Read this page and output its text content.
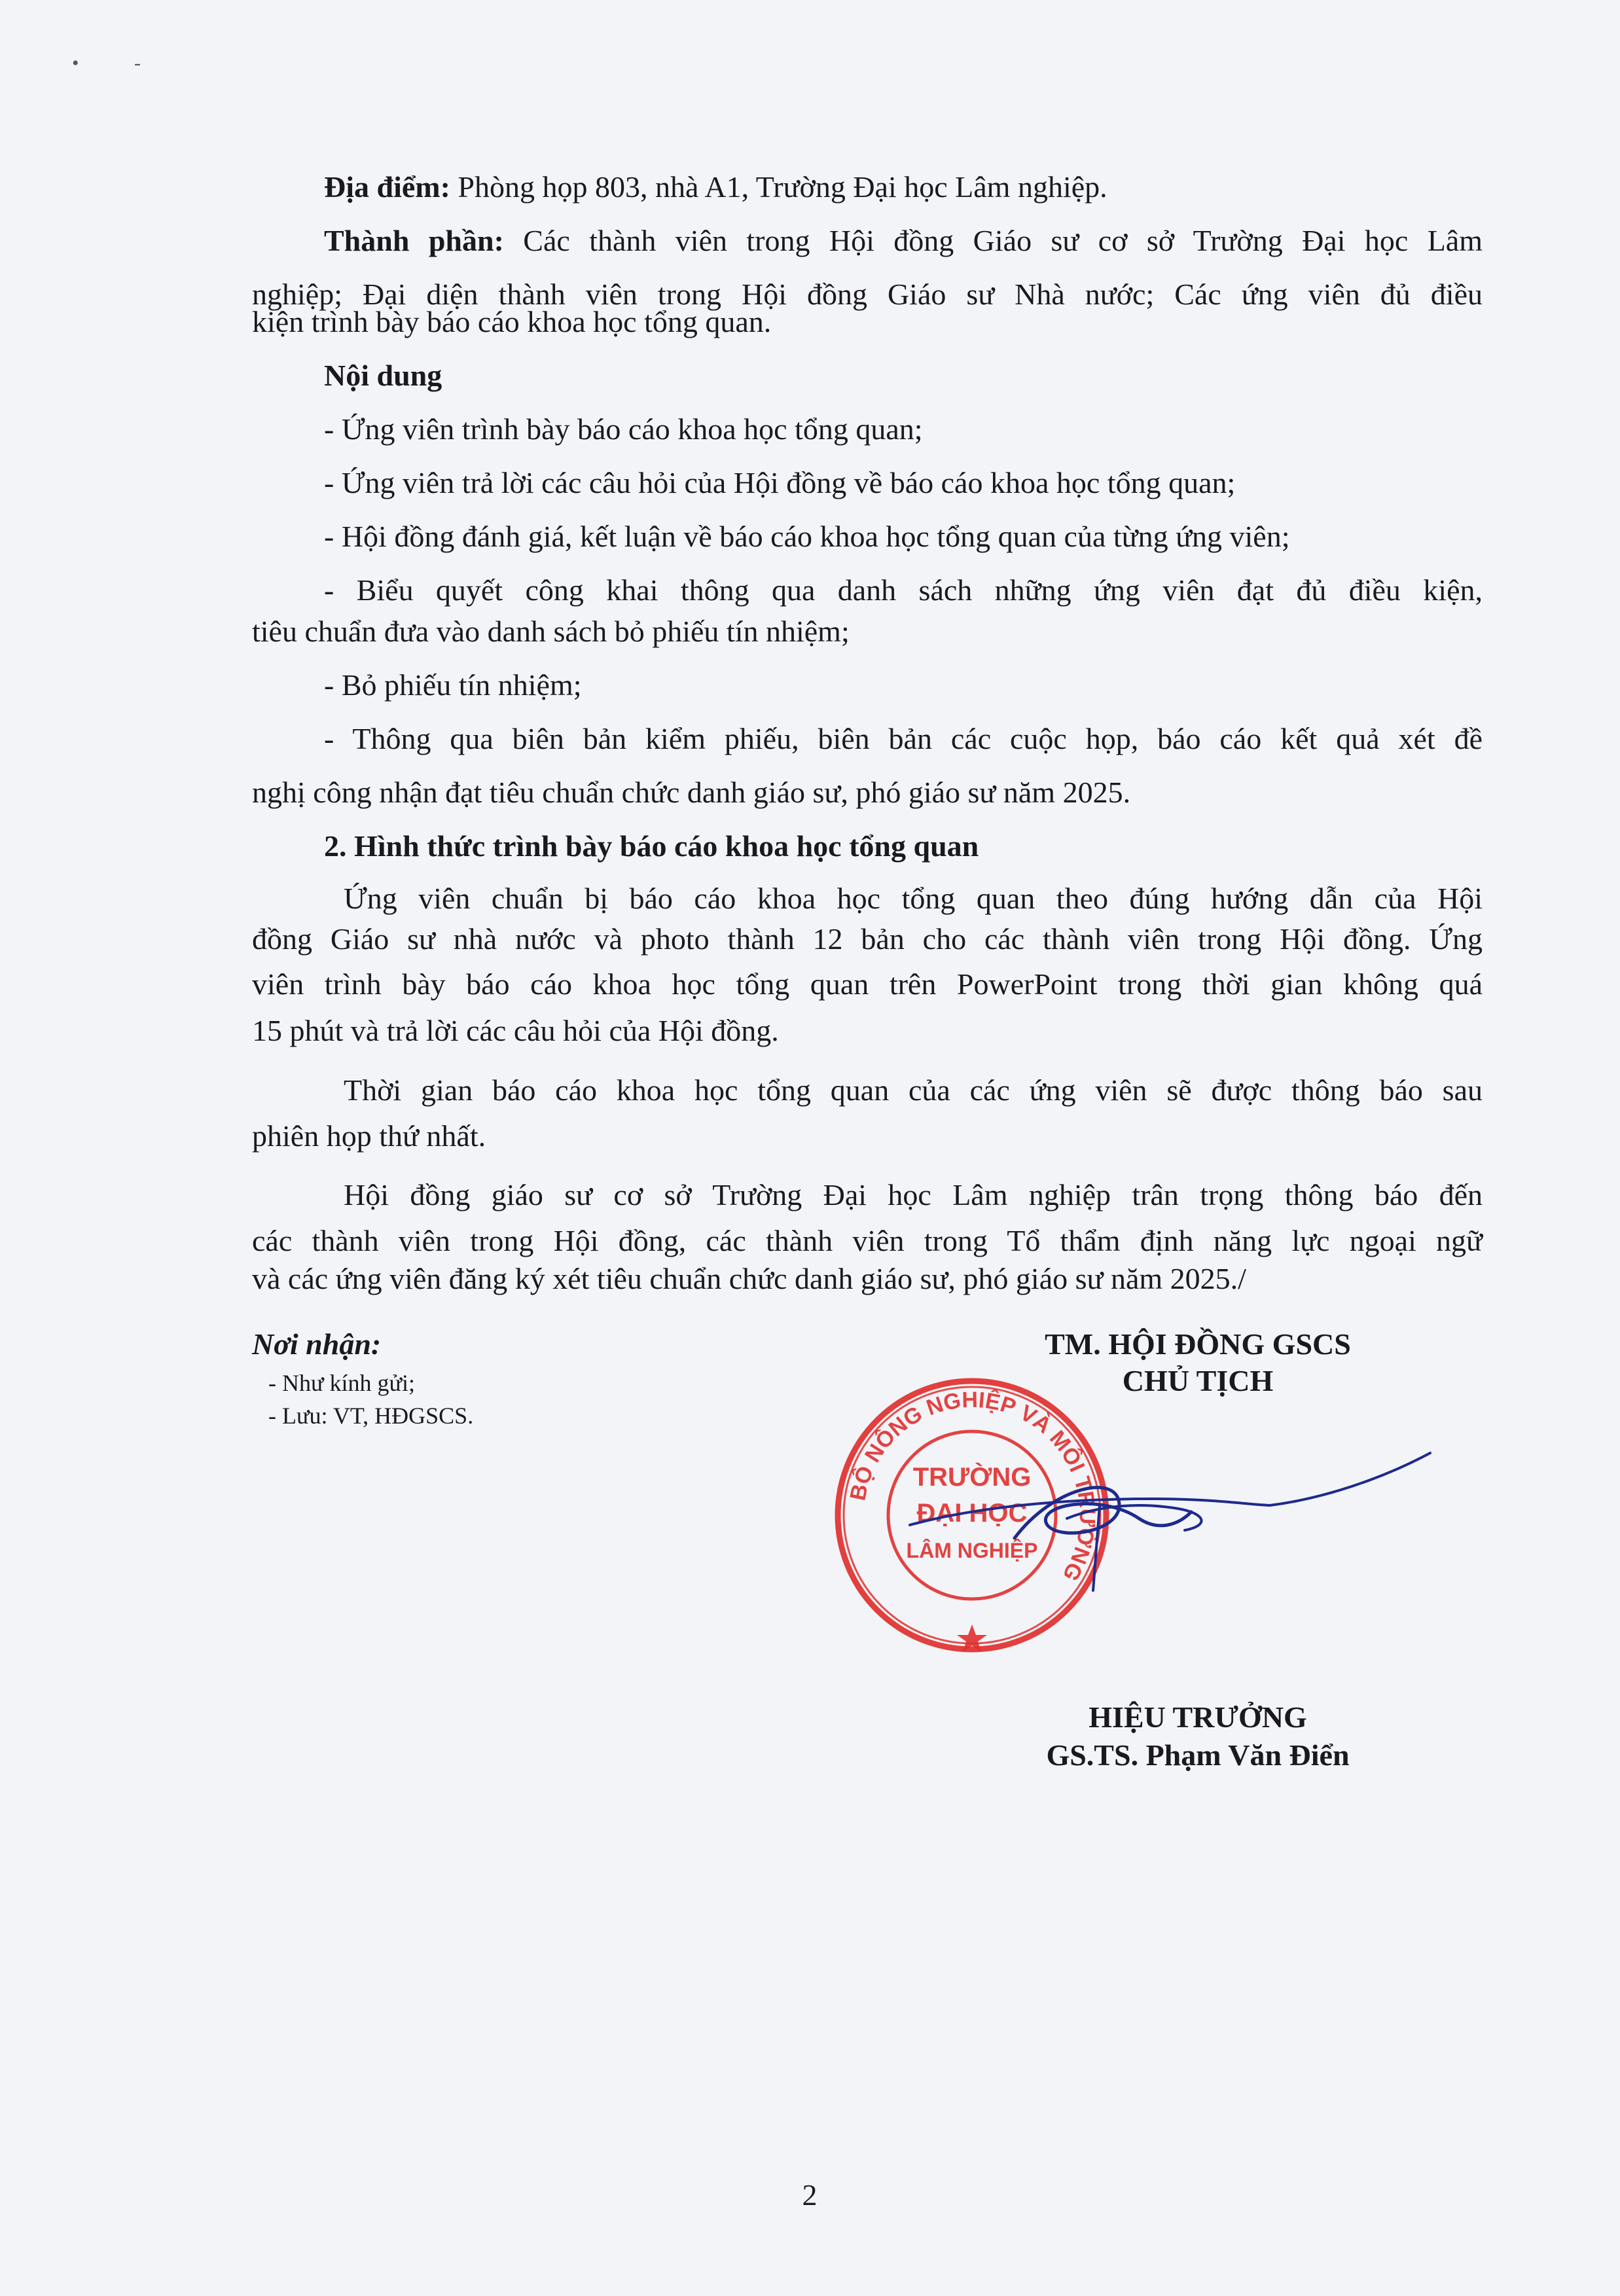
•	-
Địa điểm: Phòng họp 803, nhà A1, Trường Đại học Lâm nghiệp.
Thành phần: Các thành viên trong Hội đồng Giáo sư cơ sở Trường Đại học Lâm
nghiệp; Đại diện thành viên trong Hội đồng Giáo sư Nhà nước; Các ứng viên đủ điều
kiện trình bày báo cáo khoa học tổng quan.
Nội dung
- Ứng viên trình bày báo cáo khoa học tổng quan;
- Ứng viên trả lời các câu hỏi của Hội đồng về báo cáo khoa học tổng quan;
- Hội đồng đánh giá, kết luận về báo cáo khoa học tổng quan của từng ứng viên;
- Biểu quyết công khai thông qua danh sách những ứng viên đạt đủ điều kiện,
tiêu chuẩn đưa vào danh sách bỏ phiếu tín nhiệm;
- Bỏ phiếu tín nhiệm;
- Thông qua biên bản kiểm phiếu, biên bản các cuộc họp, báo cáo kết quả xét đề
nghị công nhận đạt tiêu chuẩn chức danh giáo sư, phó giáo sư năm 2025.
2. Hình thức trình bày báo cáo khoa học tổng quan
Ứng viên chuẩn bị báo cáo khoa học tổng quan theo đúng hướng dẫn của Hội
đồng Giáo sư nhà nước và photo thành 12 bản cho các thành viên trong Hội đồng. Ứng
viên trình bày báo cáo khoa học tổng quan trên PowerPoint trong thời gian không quá
15 phút và trả lời các câu hỏi của Hội đồng.
Thời gian báo cáo khoa học tổng quan của các ứng viên sẽ được thông báo sau
phiên họp thứ nhất.
Hội đồng giáo sư cơ sở Trường Đại học Lâm nghiệp trân trọng thông báo đến
các thành viên trong Hội đồng, các thành viên trong Tổ thẩm định năng lực ngoại ngữ
và các ứng viên đăng ký xét tiêu chuẩn chức danh giáo sư, phó giáo sư năm 2025./
Nơi nhận:
- Như kính gửi;
- Lưu: VT, HĐGSCS.
TM. HỘI ĐỒNG GSCS
CHỦ TỊCH
BỘ NÔNG NGHIỆP VÀ MÔI TRƯỜNG
TRƯỜNG
ĐẠI HỌC
LÂM NGHIỆP
HIỆU TRƯỞNG
GS.TS. Phạm Văn Điển
2
